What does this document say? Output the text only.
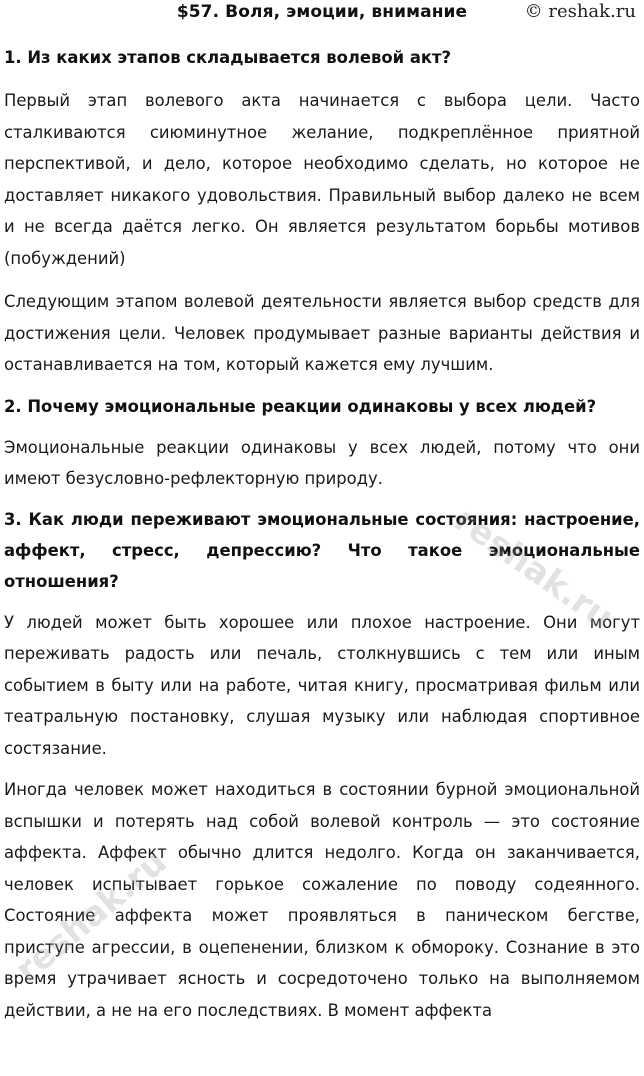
$57. Воля, эмоции, внимание	© reshak.ru
1. Из каких этапов складывается волевой акт?

Первый этап волевого акта начинается с выбора цели. Часто сталкиваются сиюминутное желание, подкреплённое приятной перспективой, и дело, которое необходимо сделать, но которое не доставляет никакого удовольствия. Правильный выбор далеко не всем и не всегда даётся легко. Он является результатом борьбы мотивов (побуждений)

Следующим этапом волевой деятельности является выбор средств для достижения цели. Человек продумывает разные варианты действия и останавливается на том, который кажется ему лучшим.

2. Почему эмоциональные реакции одинаковы у всех людей?

Эмоциональные реакции одинаковы у всех людей, потому что они имеют безусловно-рефлекторную природу.

3. Как люди переживают эмоциональные состояния: настроение, аффект, стресс, депрессию? Что такое эмоциональные отношения?

У людей может быть хорошее или плохое настроение. Они могут переживать радость или печаль, столкнувшись с тем или иным событием в быту или на работе, читая книгу, просматривая фильм или театральную постановку, слушая музыку или наблюдая спортивное состязание.

Иногда человек может находиться в состоянии бурной эмоциональной вспышки и потерять над собой волевой контроль — это состояние аффекта. Аффект обычно длится недолго. Когда он заканчивается, человек испытывает горькое сожаление по поводу содеянного. Состояние аффекта может проявляться в паническом бегстве, приступе агрессии, в оцепенении, близком к обмороку. Сознание в это время утрачивает ясность и сосредоточено только на выполняемом действии, а не на его последствиях. В момент аффекта

reshak.ru
reshak.ru
